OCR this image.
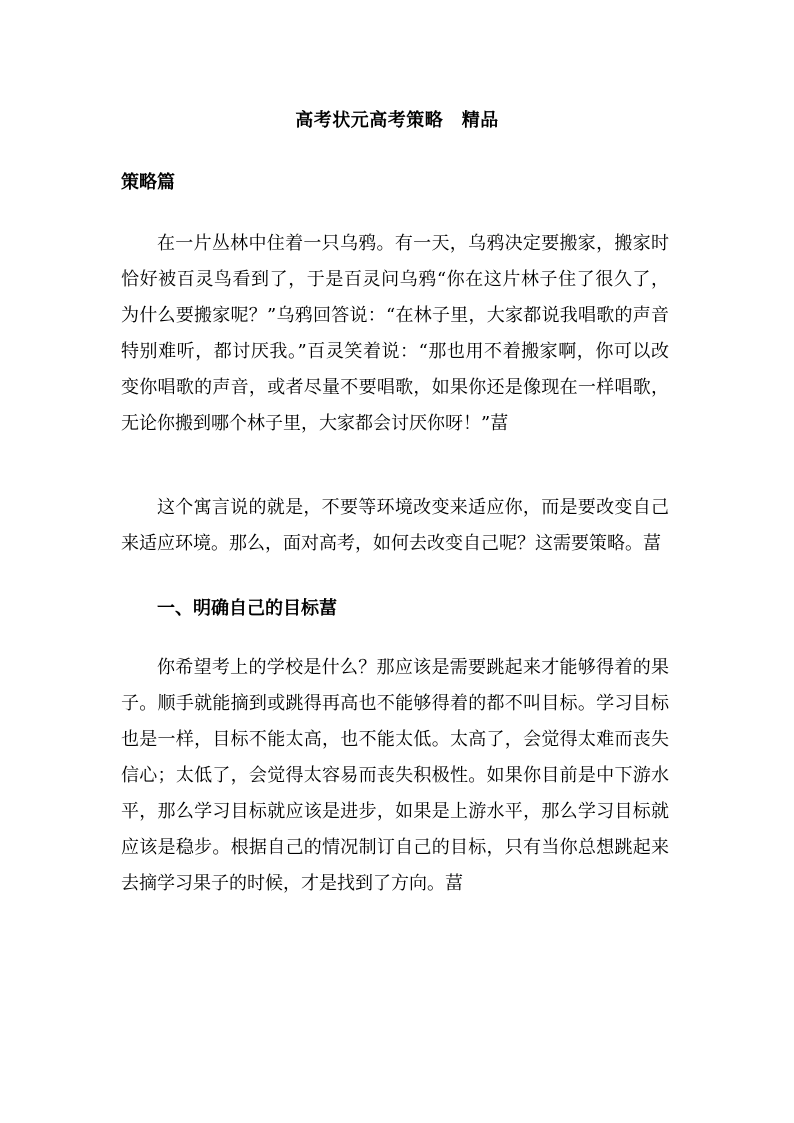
高考状元高考策略　精品
策略篇

在一片丛林中住着一只乌鸦。有一天，乌鸦决定要搬家，搬家时恰好被百灵鸟看到了，于是百灵问乌鸦“你在这片林子住了很久了，为什么要搬家呢？”乌鸦回答说：“在林子里，大家都说我唱歌的声音特别难听，都讨厌我。”百灵笑着说：“那也用不着搬家啊，你可以改变你唱歌的声音，或者尽量不要唱歌，如果你还是像现在一样唱歌，无论你搬到哪个林子里，大家都会讨厌你呀！”葍

这个寓言说的就是，不要等环境改变来适应你，而是要改变自己来适应环境。那么，面对高考，如何去改变自己呢？这需要策略。葍

一、明确自己的目标葍

你希望考上的学校是什么？那应该是需要跳起来才能够得着的果子。顺手就能摘到或跳得再高也不能够得着的都不叫目标。学习目标也是一样，目标不能太高，也不能太低。太高了，会觉得太难而丧失信心；太低了，会觉得太容易而丧失积极性。如果你目前是中下游水平，那么学习目标就应该是进步，如果是上游水平，那么学习目标就应该是稳步。根据自己的情况制订自己的目标，只有当你总想跳起来去摘学习果子的时候，才是找到了方向。葍
